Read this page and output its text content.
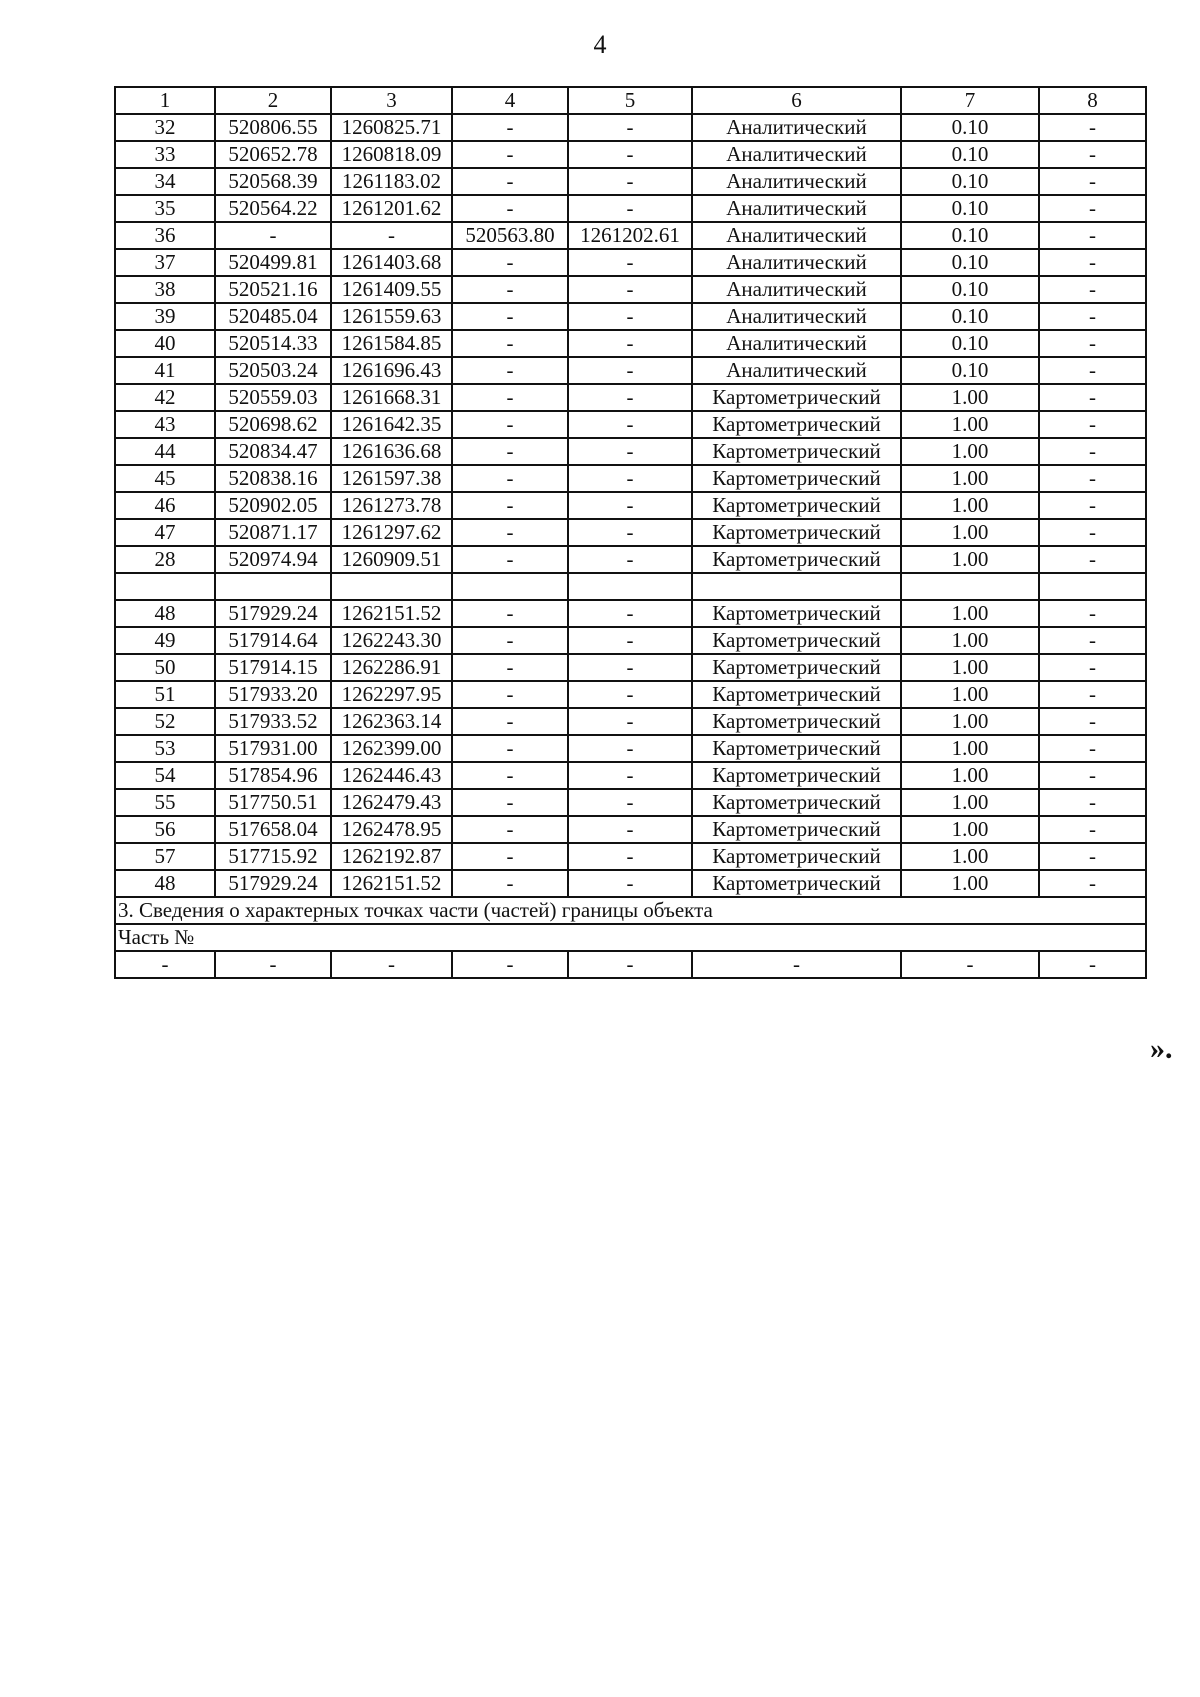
4
1	2	3	4	5	6	7	8
32	520806.55	1260825.71	-	-	Аналитический	0.10	-
33	520652.78	1260818.09	-	-	Аналитический	0.10	-
34	520568.39	1261183.02	-	-	Аналитический	0.10	-
35	520564.22	1261201.62	-	-	Аналитический	0.10	-
36	-	-	520563.80	1261202.61	Аналитический	0.10	-
37	520499.81	1261403.68	-	-	Аналитический	0.10	-
38	520521.16	1261409.55	-	-	Аналитический	0.10	-
39	520485.04	1261559.63	-	-	Аналитический	0.10	-
40	520514.33	1261584.85	-	-	Аналитический	0.10	-
41	520503.24	1261696.43	-	-	Аналитический	0.10	-
42	520559.03	1261668.31	-	-	Картометрический	1.00	-
43	520698.62	1261642.35	-	-	Картометрический	1.00	-
44	520834.47	1261636.68	-	-	Картометрический	1.00	-
45	520838.16	1261597.38	-	-	Картометрический	1.00	-
46	520902.05	1261273.78	-	-	Картометрический	1.00	-
47	520871.17	1261297.62	-	-	Картометрический	1.00	-
28	520974.94	1260909.51	-	-	Картометрический	1.00	-

48	517929.24	1262151.52	-	-	Картометрический	1.00	-
49	517914.64	1262243.30	-	-	Картометрический	1.00	-
50	517914.15	1262286.91	-	-	Картометрический	1.00	-
51	517933.20	1262297.95	-	-	Картометрический	1.00	-
52	517933.52	1262363.14	-	-	Картометрический	1.00	-
53	517931.00	1262399.00	-	-	Картометрический	1.00	-
54	517854.96	1262446.43	-	-	Картометрический	1.00	-
55	517750.51	1262479.43	-	-	Картометрический	1.00	-
56	517658.04	1262478.95	-	-	Картометрический	1.00	-
57	517715.92	1262192.87	-	-	Картометрический	1.00	-
48	517929.24	1262151.52	-	-	Картометрический	1.00	-
3. Сведения о характерных точках части (частей) границы объекта							
Часть №							
-	-	-	-	-	-	-	-
».
